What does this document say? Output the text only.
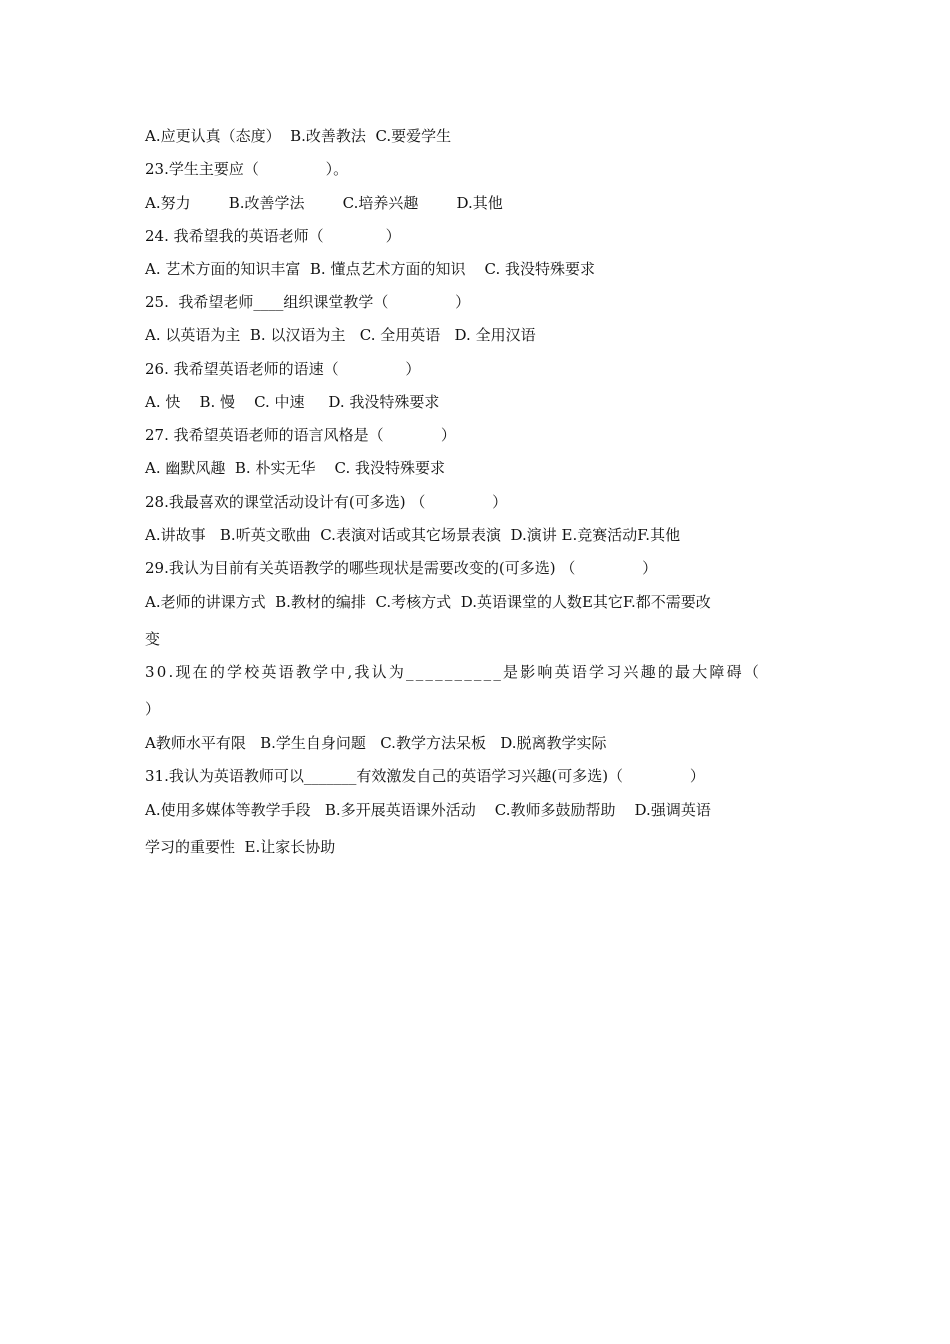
A.应更认真（态度）  B.改善教法  C.要爱学生
23.学生主要应（              ）。
A.努力        B.改善学法        C.培养兴趣        D.其他
24. 我希望我的英语老师（             ）
A. 艺术方面的知识丰富  B. 懂点艺术方面的知识    C. 我没特殊要求
25.  我希望老师____组织课堂教学（              ）
A. 以英语为主  B. 以汉语为主   C. 全用英语   D. 全用汉语
26. 我希望英语老师的语速（              ）
A. 快    B. 慢    C. 中速     D. 我没特殊要求
27. 我希望英语老师的语言风格是（            ）
A. 幽默风趣  B. 朴实无华    C. 我没特殊要求
28.我最喜欢的课堂活动设计有(可多选) （              ）
A.讲故事   B.听英文歌曲  C.表演对话或其它场景表演  D.演讲 E.竞赛活动F.其他
29.我认为目前有关英语教学的哪些现状是需要改变的(可多选) （              ）
A.老师的讲课方式  B.教材的编排  C.考核方式  D.英语课堂的人数E其它F.都不需要改
变
30.现在的学校英语教学中,我认为__________是影响英语学习兴趣的最大障碍（
）
A教师水平有限   B.学生自身问题   C.教学方法呆板   D.脱离教学实际
31.我认为英语教师可以_______有效激发自己的英语学习兴趣(可多选)（              ）
A.使用多媒体等教学手段   B.多开展英语课外活动    C.教师多鼓励帮助    D.强调英语
学习的重要性  E.让家长协助
